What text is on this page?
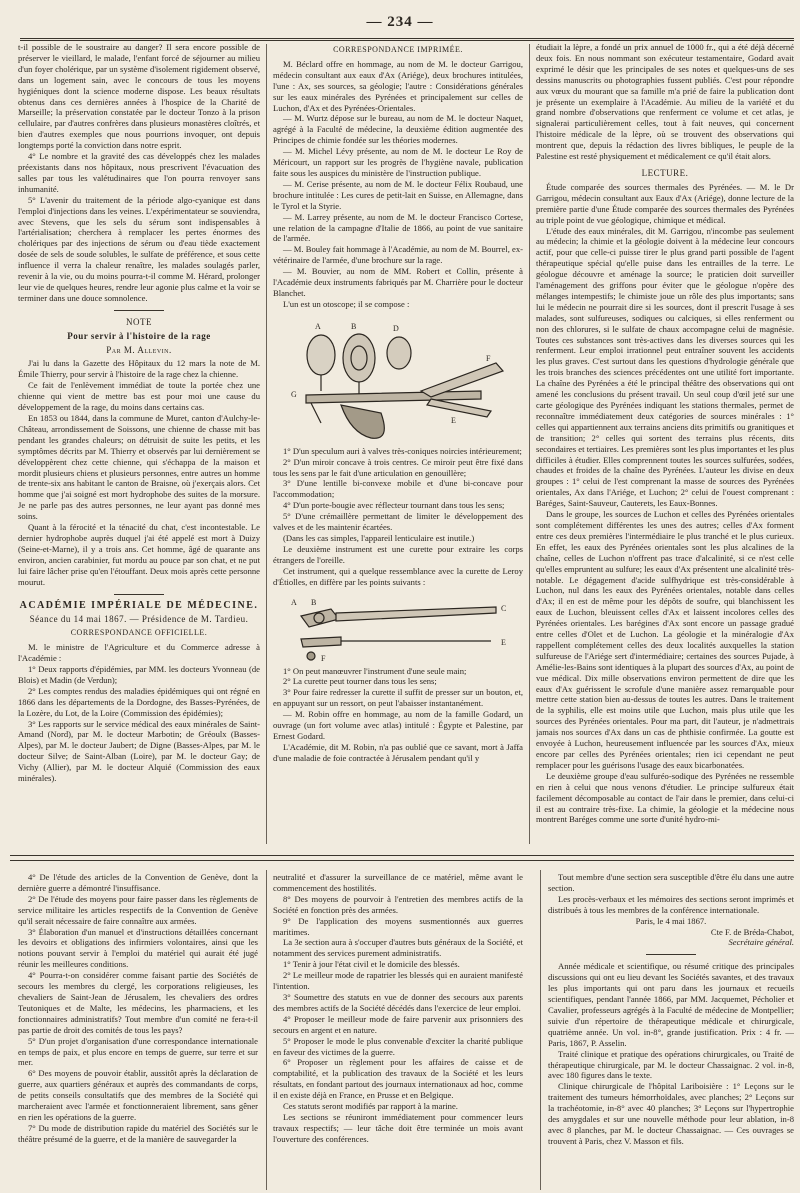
— 234 —

t-il possible de le soustraire au danger? Il sera encore possible de préserver le vieillard, le malade, l'enfant forcé de séjourner au milieu d'un foyer cholérique, par un système d'isolement rigidement observé, dans un logement sain, avec le concours de tous les moyens hygiéniques dont la science moderne dispose. Les beaux résultats obtenus dans ces dernières années à l'hospice de la Charité de Marseille; la préservation constatée par le docteur Tonzo à la prison cellulaire, par d'autres confrères dans plusieurs monastères cloîtrés, et bien d'autres exemples que nous pourrions invoquer, ont depuis longtemps porté la conviction dans notre esprit.

4° Le nombre et la gravité des cas développés chez les malades préexistants dans nos hôpitaux, nous prescrivent l'évacuation des salles par tous les valétudinaires que l'on pourra renvoyer sans inhumanité.

5° L'avenir du traitement de la période algo-cyanique est dans l'emploi d'injections dans les veines. L'expérimentateur se souviendra, avec Stevens, que les sels du sérum sont indispensables à l'artérialisation; cherchera à remplacer les pertes énormes des cholériques par des injections de sérum ou d'eau tiède exactement dosée de sels de soude solubles, le sulfate de préférence, et sous cette influence il verra la chaleur renaître, les malades soulagés parler, revenir à la vie, ou du moins pourra-t-il comme M. Hérard, prolonger leur vie de quelques heures, rendre leur agonie plus calme et la voir se terminer dans une douce somnolence.

NOTE
Pour servir à l'histoire de la rage
Par M. Allevin.

J'ai lu dans la Gazette des Hôpitaux du 12 mars la note de M. Émile Thierry, pour servir à l'histoire de la rage chez la chienne.

Ce fait de l'enlèvement immédiat de toute la portée chez une chienne qui vient de mettre bas est pour moi une cause du développement de la rage, du moins dans certains cas.

En 1853 ou 1844, dans la commune de Muret, canton d'Aulchy-le-Château, arrondissement de Soissons, une chienne de chasse mit bas pendant les grandes chaleurs; on détruisit de suite les petits, et les symptômes décrits par M. Thierry et observés par lui dernièrement se développèrent chez cette chienne, qui s'échappa de la maison et mordit plusieurs chiens et plusieurs personnes, entre autres un homme de trente-six ans habitant le canton de Braisne, où j'exerçais alors. Cet homme que j'ai soigné est mort hydrophobe des suites de la morsure. Je ne parle pas des autres personnes, ne leur ayant pas donné mes soins.

Quant à la férocité et la ténacité du chat, c'est incontestable. Le dernier hydrophobe auprès duquel j'ai été appelé est mort à Duizy (Seine-et-Marne), il y a trois ans. Cet homme, âgé de quarante ans environ, ancien carabinier, fut mordu au pouce par son chat, et ne put lui faire lâcher prise qu'en l'étouffant. Deux mois après cette personne mourut.

ACADÉMIE IMPÉRIALE DE MÉDECINE.
Séance du 14 mai 1867. — Présidence de M. Tardieu.
CORRESPONDANCE OFFICIELLE.

M. le ministre de l'Agriculture et du Commerce adresse à l'Académie :

1° Deux rapports d'épidémies, par MM. les docteurs Yvonneau (de Blois) et Madin (de Verdun);

2° Les comptes rendus des maladies épidémiques qui ont régné en 1866 dans les départements de la Dordogne, des Basses-Pyrénées, de la Lozère, du Lot, de la Loire (Commission des épidémies);

3° Les rapports sur le service médical des eaux minérales de Saint-Amand (Nord), par M. le docteur Marbotin; de Gréoulx (Basses-Alpes), par M. le docteur Jaubert; de Digne (Basses-Alpes, par M. le docteur Silve; de Saint-Alban (Loire), par M. le docteur Gay; de Vichy (Allier), par M. le docteur Alquié (Commission des eaux minérales).

CORRESPONDANCE IMPRIMÉE.

M. Béclard offre en hommage, au nom de M. le docteur Garrigou, médecin consultant aux eaux d'Ax (Ariége), deux brochures intitulées, l'une : Ax, ses sources, sa géologie; l'autre : Considérations générales sur les eaux minérales des Pyrénées et principalement sur celles de Luchon, d'Ax et des Pyrénées-Orientales.

— M. Wurtz dépose sur le bureau, au nom de M. le docteur Naquet, agrégé à la Faculté de médecine, la deuxième édition augmentée des Principes de chimie fondée sur les théories modernes.

— M. Michel Lévy présente, au nom de M. le docteur Le Roy de Méricourt, un rapport sur les progrès de l'hygiène navale, publication faite sous les auspices du ministère de l'instruction publique.

— M. Cerise présente, au nom de M. le docteur Félix Roubaud, une brochure intitulée : Les cures de petit-lait en Suisse, en Allemagne, dans le Tyrol et la Styrie.

— M. Larrey présente, au nom de M. le docteur Francisco Cortese, une relation de la campagne d'Italie de 1866, au point de vue sanitaire de l'armée.

— M. Bouley fait hommage à l'Académie, au nom de M. Bourrel, ex-vétérinaire de l'armée, d'une brochure sur la rage.

— M. Bouvier, au nom de MM. Robert et Collin, présente à l'Académie deux instruments fabriqués par M. Charrière pour le docteur Blanchet.

L'un est un otoscope; il se compose :

A	B	D
G
F
E

1° D'un speculum auri à valves très-coniques noircies intérieurement;

2° D'un miroir concave à trois centres. Ce miroir peut être fixé dans tous les sens par le fait d'une articulation en genouillère;

3° D'une lentille bi-convexe mobile et d'une bi-concave pour l'accommodation;

4° D'un porte-bougie avec réflecteur tournant dans tous les sens;

5° D'une crémaillère permettant de limiter le développement des valves et de les maintenir écartées.

(Dans les cas simples, l'appareil lenticulaire est inutile.)

Le deuxième instrument est une curette pour extraire les corps étrangers de l'oreille.

Cet instrument, qui a quelque ressemblance avec la curette de Leroy d'Étiolles, en diffère par les points suivants :

A B
C
E
F

1° On peut manœuvrer l'instrument d'une seule main;

2° La curette peut tourner dans tous les sens;

3° Pour faire redresser la curette il suffit de presser sur un bouton, et, en appuyant sur un ressort, on peut l'abaisser instantanément.

— M. Robin offre en hommage, au nom de la famille Godard, un ouvrage (un fort volume avec atlas) intitulé : Égypte et Palestine, par Ernest Godard.

L'Académie, dit M. Robin, n'a pas oublié que ce savant, mort à Jaffa d'une maladie de foie contractée à Jérusalem pendant qu'il y

étudiait la lèpre, a fondé un prix annuel de 1000 fr., qui a été déjà décerné deux fois. En nous nommant son exécuteur testamentaire, Godard avait exprimé le désir que les principales de ses notes et quelques-uns de ses dessins manuscrits ou photographies fussent publiés. C'est pour répondre aux vœux du mourant que sa famille m'a prié de faire la publication dont je présente un exemplaire à l'Académie. Au milieu de la variété et du grand nombre d'observations que renferment ce volume et cet atlas, je signalerai particulièrement celles, tout à fait neuves, qui concernent l'histoire médicale de la lèpre, où se trouvent des observations qui montrent que, depuis la rédaction des livres bibliques, le peuple de la Palestine est resté physiquement et médicalement ce qu'il était alors.

LECTURE.

Étude comparée des sources thermales des Pyrénées. — M. le Dr Garrigou, médecin consultant aux Eaux d'Ax (Ariége), donne lecture de la première partie d'une Étude comparée des sources thermales des Pyrénées au triple point de vue géologique, chimique et médical.

L'étude des eaux minérales, dit M. Garrigou, n'incombe pas seulement au médecin; la chimie et la géologie doivent à la médecine leur concours actif, pour que celle-ci puisse tirer le plus grand parti possible de l'agent thérapeutique spécial qu'elle puise dans les entrailles de la terre. Le géologue découvre et aménage la source; le praticien doit surveiller l'aménagement des griffons pour éviter que le géologue n'opère des mélanges intempestifs; le chimiste joue un rôle des plus importants; sans lui le médecin ne pourrait dire si les sources, dont il prescrit l'usage à ses malades, sont sulfureuses, sodiques ou calciques, si elles renferment ou non des chlorures, si le sulfate de chaux accompagne celui de magnésie. Toutes ces substances sont très-actives dans les diverses sources qui les renferment. Leur emploi irrationnel peut entraîner souvent les accidents les plus graves. C'est surtout dans les questions d'hydrologie générale que les trois branches des sciences précédentes ont une utilité fort importante. La chaîne des Pyrénées a été le principal théâtre des observations qui ont amené les conclusions du présent travail. Un seul coup d'œil jeté sur une carte géologique des Pyrénées indiquant les stations thermales, permet de reconnaître immédiatement deux catégories de sources minérales : 1° celles qui appartiennent aux terrains anciens dits primitifs ou granitiques et de transition; 2° celles qui sortent des terrains plus récents, dits secondaires et tertiaires. Les premières sont les plus importantes et les plus difficiles à étudier. Elles comprennent toutes les sources sulfurées, sodées, chaudes et froides de la chaîne des Pyrénées. L'auteur les divise en deux groupes : 1° celui de l'est comprenant la masse de sources des Pyrénées orientales, Ax dans l'Ariége, et Luchon; 2° celui de l'ouest comprenant : Baréges, Saint-Sauveur, Cauterets, les Eaux-Bonnes.

Dans le groupe, les sources de Luchon et celles des Pyrénées orientales sont complétement différentes les unes des autres; celles d'Ax forment entre ces deux premières l'intermédiaire le plus tranché et le plus curieux. En effet, les eaux des Pyrénées orientales sont les plus alcalines de la chaîne, celles de Luchon n'offrent pas trace d'alcalinité, si ce n'est celle qu'elles empruntent au sulfure; les eaux d'Ax présentent une alcalinité très-notable. Le dégagement d'acide sulfhydrique est très-considérable à Luchon, nul dans les eaux des Pyrénées orientales, notable dans celles d'Ax; il en est de même pour les dépôts de soufre, qui blanchissent les eaux de Luchon, bleuissent celles d'Ax et laissent incolores celles des Pyrénées orientales. Les barégines d'Ax sont encore un passage gradué entre celles d'Olet et de Luchon. La géologie et la minéralogie d'Ax rappellent complétement celles des deux localités auxquelles la station sulfureuse de l'Ariége sert d'intermédiaire; certaines des sources Pujade, à Amélie-les-Bains sont identiques à la plupart des sources d'Ax, au point de vue médical. Dix mille observations environ permettent de dire que les eaux d'Ax guérissent le scrofule d'une manière assez remarquable pour mettre cette station bien au-dessus de toutes les autres. Dans le traitement de la syphilis, elle est moins utile que Luchon, mais plus utile que les sources des Pyrénées orientales. Pour ma part, dit l'auteur, je n'admettrais jamais nos sources d'Ax dans un cas de phthisie confirmée. La goutte est envoyée à Luchon, heureusement influencée par les sources d'Ax, mieux encore par celles des Pyrénées orientales; rien ici cependant ne peut remplacer pour les guérisons l'usage des eaux bicarbonatées.

Le deuxième groupe d'eau sulfuréo-sodique des Pyrénées ne ressemble en rien à celui que nous venons d'étudier. Le principe sulfureux était facilement décomposable au contact de l'air dans le premier, dans celui-ci il est au contraire très-fixe. La chimie, la géologie et la médecine nous montrent Baréges comme une sorte d'unité hydro-mi-

4° De l'étude des articles de la Convention de Genève, dont la dernière guerre a démontré l'insuffisance.

2° De l'étude des moyens pour faire passer dans les règlements de service militaire les articles respectifs de la Convention de Genève qu'il serait nécessaire de faire connaître aux armées.

3° Élaboration d'un manuel et d'instructions détaillées concernant les devoirs et obligations des infirmiers volontaires, ainsi que les notions pouvant servir à l'emploi du matériel qui aurait été jugé réunir les meilleures conditions.

4° Pourra-t-on considérer comme faisant partie des Sociétés de secours les membres du clergé, les corporations religieuses, les chevaliers de Saint-Jean de Jérusalem, les chevaliers des ordres Teutoniques et de Malte, les médecins, les pharmaciens, et les fonctionnaires administratifs? Tout membre d'un comité ne fera-t-il pas partie de droit des comités de tous les pays?

5° D'un projet d'organisation d'une correspondance internationale en temps de paix, et plus encore en temps de guerre, sur terre et sur mer.

6° Des moyens de pouvoir établir, aussitôt après la déclaration de guerre, aux quartiers généraux et auprès des commandants de corps, de petits conseils consultatifs que des membres de la Société qui marcheraient avec l'armée et fonctionneraient librement, sans gêner en rien les opérations de la guerre.

7° Du mode de distribution rapide du matériel des Sociétés sur le théâtre présumé de la guerre, et de la manière de sauvegarder la

neutralité et d'assurer la surveillance de ce matériel, même avant le commencement des hostilités.

8° Des moyens de pourvoir à l'entretien des membres actifs de la Société en fonction près des armées.

9° De l'application des moyens susmentionnés aux guerres maritimes.

La 3e section aura à s'occuper d'autres buts généraux de la Société, et notamment des services purement administratifs.

1° Tenir à jour l'état civil et le domicile des blessés.

2° Le meilleur mode de rapatrier les blessés qui en auraient manifesté l'intention.

3° Soumettre des statuts en vue de donner des secours aux parents des membres actifs de la Société décédés dans l'exercice de leur emploi.

4° Proposer le meilleur mode de faire parvenir aux prisonniers des secours en argent et en nature.

5° Proposer le mode le plus convenable d'exciter la charité publique en faveur des victimes de la guerre.

6° Proposer un règlement pour les affaires de caisse et de comptabilité, et la publication des travaux de la Société et les leurs résultats, en fondant partout des journaux internationaux ad hoc, comme il en existe déjà en France, en Prusse et en Belgique.

Ces statuts seront modifiés par rapport à la marine.

Les sections se réuniront immédiatement pour commencer leurs travaux respectifs; — leur tâche doit être terminée un mois avant l'ouverture des conférences.

Tout membre d'une section sera susceptible d'être élu dans une autre section.

Les procès-verbaux et les mémoires des sections seront imprimés et distribués à tous les membres de la conférence internationale.

Paris, le 4 mai 1867.

Cte F. de Bréda-Chabot,

Secrétaire général.

Année médicale et scientifique, ou résumé critique des principales discussions qui ont eu lieu devant les Sociétés savantes, et des travaux les plus importants qui ont paru dans les journaux et recueils scientifiques, pendant l'année 1866, par MM. Jacquemet, Pécholier et Cavalier, professeurs agrégés à la Faculté de médecine de Montpellier; suivie d'un répertoire de thérapeutique médicale et chirurgicale, quatrième année. Un vol. in-8°, grande justification. Prix : 4 fr. — Paris, 1867, P. Asselin.

Traité clinique et pratique des opérations chirurgicales, ou Traité de thérapeutique chirurgicale, par M. le docteur Chassaignac. 2 vol. in-8, avec 180 figures dans le texte.

Clinique chirurgicale de l'hôpital Lariboisière : 1° Leçons sur le traitement des tumeurs hémorrhoïdales, avec planches; 2° Leçons sur la trachéotomie, in-8° avec 40 planches; 3° Leçons sur l'hypertrophie des amygdales et sur une nouvelle méthode pour leur ablation, in-8 avec 8 planches, par M. le docteur Chassaignac. — Ces ouvrages se trouvent à Paris, chez V. Masson et fils.
